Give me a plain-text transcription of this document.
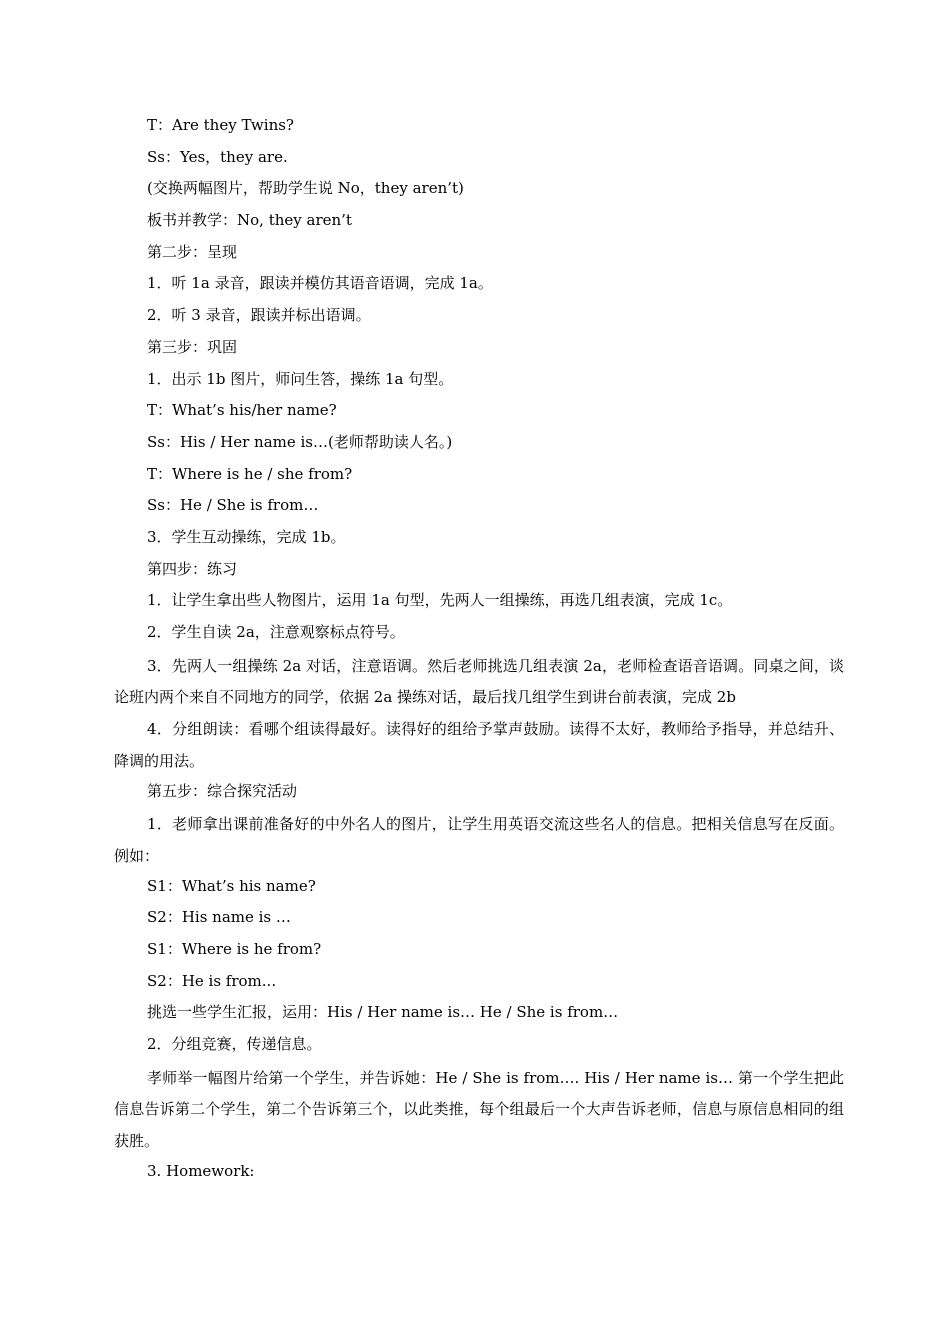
T：Are they Twins?
Ss：Yes，they are.
(交换两幅图片，帮助学生说 No，they aren’t)
板书并教学：No, they aren’t
第二步：呈现
1．听 1a 录音，跟读并模仿其语音语调，完成 1a。
2．听 3 录音，跟读并标出语调。
第三步：巩固
1．出示 1b 图片，师问生答，操练 1a 句型。
T：What’s his/her name?
Ss：His / Her name is…(老师帮助读人名。)
T：Where is he / she from?
Ss：He / She is from…
3．学生互动操练，完成 1b。
第四步：练习
1．让学生拿出些人物图片，运用 1a 句型，先两人一组操练，再选几组表演，完成 1c。
2．学生自读 2a，注意观察标点符号。
3．先两人一组操练 2a 对话，注意语调。然后老师挑选几组表演 2a，老师检查语音语调。同桌之间，谈论班内两个来自不同地方的同学，依据 2a 操练对话，最后找几组学生到讲台前表演，完成 2b
4．分组朗读：看哪个组读得最好。读得好的组给予掌声鼓励。读得不太好，教师给予指导，并总结升、降调的用法。
第五步：综合探究活动
1．老师拿出课前准备好的中外名人的图片，让学生用英语交流这些名人的信息。把相关信息写在反面。例如：
S1：What’s his name?
S2：His name is …
S1：Where is he from?
S2：He is from...
挑选一些学生汇报，运用：His / Her name is… He / She is from…
2．分组竞赛，传递信息。
孝师举一幅图片给第一个学生，并告诉她：He / She is from…. His / Her name is… 第一个学生把此信息告诉第二个学生，第二个告诉第三个，以此类推，每个组最后一个大声告诉老师，信息与原信息相同的组获胜。
3. Homework:
